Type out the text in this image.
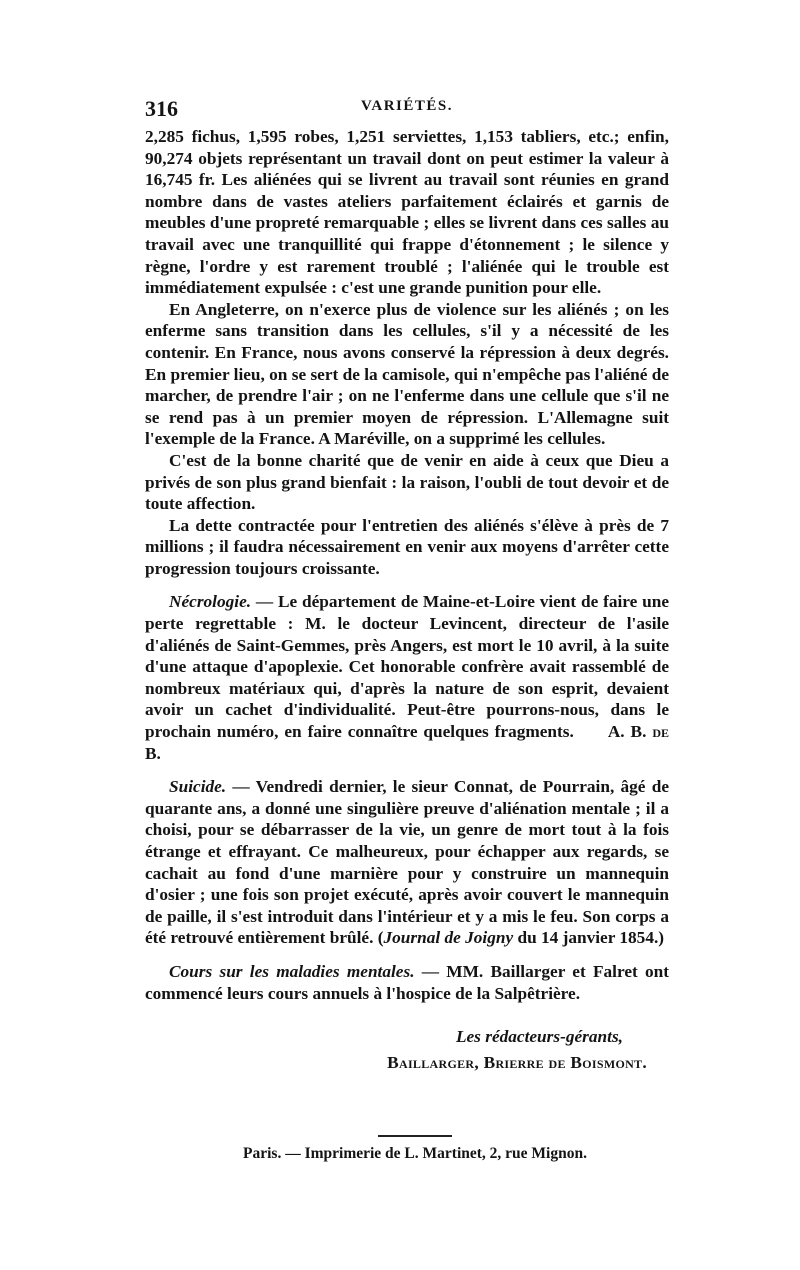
316	VARIÉTÉS.

2,285 fichus, 1,595 robes, 1,251 serviettes, 1,153 tabliers, etc.; enfin, 90,274 objets représentant un travail dont on peut estimer la valeur à 16,745 fr. Les aliénées qui se livrent au travail sont réunies en grand nombre dans de vastes ateliers parfaitement éclairés et garnis de meubles d'une propreté remarquable ; elles se livrent dans ces salles au travail avec une tranquillité qui frappe d'étonnement ; le silence y règne, l'ordre y est rarement troublé ; l'aliénée qui le trouble est immédiatement expulsée : c'est une grande punition pour elle.

En Angleterre, on n'exerce plus de violence sur les aliénés ; on les enferme sans transition dans les cellules, s'il y a nécessité de les contenir. En France, nous avons conservé la répression à deux degrés. En premier lieu, on se sert de la camisole, qui n'empêche pas l'aliéné de marcher, de prendre l'air ; on ne l'enferme dans une cellule que s'il ne se rend pas à un premier moyen de répression. L'Allemagne suit l'exemple de la France. A Maréville, on a supprimé les cellules.

C'est de la bonne charité que de venir en aide à ceux que Dieu a privés de son plus grand bienfait : la raison, l'oubli de tout devoir et de toute affection.

La dette contractée pour l'entretien des aliénés s'élève à près de 7 millions ; il faudra nécessairement en venir aux moyens d'arrêter cette progression toujours croissante.

Nécrologie. — Le département de Maine-et-Loire vient de faire une perte regrettable : M. le docteur Levincent, directeur de l'asile d'aliénés de Saint-Gemmes, près Angers, est mort le 10 avril, à la suite d'une attaque d'apoplexie. Cet honorable confrère avait rassemblé de nombreux matériaux qui, d'après la nature de son esprit, devaient avoir un cachet d'individualité. Peut-être pourrons-nous, dans le prochain numéro, en faire connaître quelques fragments. A. B. de B.

Suicide. — Vendredi dernier, le sieur Connat, de Pourrain, âgé de quarante ans, a donné une singulière preuve d'aliénation mentale ; il a choisi, pour se débarrasser de la vie, un genre de mort tout à la fois étrange et effrayant. Ce malheureux, pour échapper aux regards, se cachait au fond d'une marnière pour y construire un mannequin d'osier ; une fois son projet exécuté, après avoir couvert le mannequin de paille, il s'est introduit dans l'intérieur et y a mis le feu. Son corps a été retrouvé entièrement brûlé. (Journal de Joigny du 14 janvier 1854.)

Cours sur les maladies mentales. — MM. Baillarger et Falret ont commencé leurs cours annuels à l'hospice de la Salpêtrière.

Les rédacteurs-gérants,
Baillarger, Brierre de Boismont.
Paris. — Imprimerie de L. Martinet, 2, rue Mignon.
